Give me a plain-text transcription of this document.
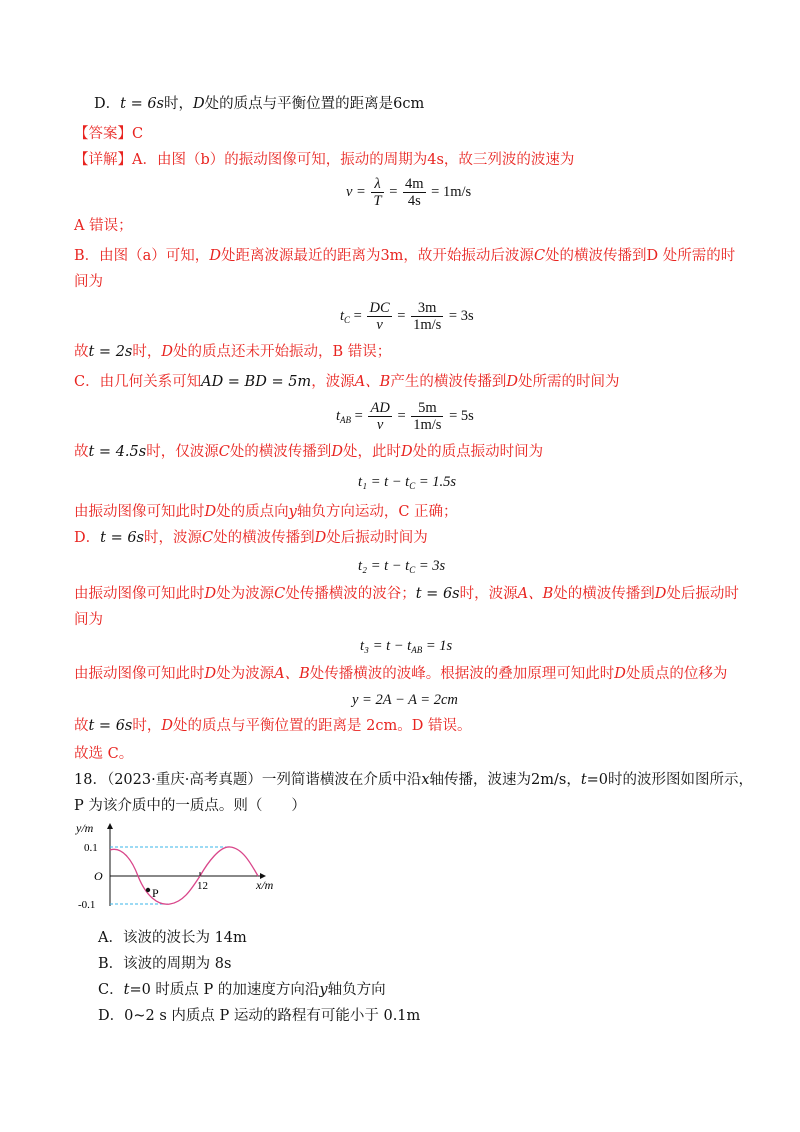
D．t = 6s时，D处的质点与平衡位置的距离是6cm
【答案】C
【详解】A．由图（b）的振动图像可知，振动的周期为4s，故三列波的波速为
$v = \frac{\lambda}{T} = \frac{4m}{4s} = 1m/s$
A 错误；
B．由图（a）可知，D处距离波源最近的距离为3m，故开始振动后波源C处的横波传播到D 处所需的时
间为
$t_C = \frac{DC}{v} = \frac{3m}{1m/s} = 3s$
故t = 2s时，D处的质点还未开始振动，B 错误；
C．由几何关系可知AD = BD = 5m，波源A、B产生的横波传播到D处所需的时间为
$t_{AB} = \frac{AD}{v} = \frac{5m}{1m/s} = 5s$
故t = 4.5s时，仅波源C处的横波传播到D处，此时D处的质点振动时间为
$t_1 = t - t_C = 1.5s$
由振动图像可知此时D处的质点向y轴负方向运动，C 正确；
D．t = 6s时，波源C处的横波传播到D处后振动时间为
$t_2 = t - t_C = 3s$
由振动图像可知此时D处为波源C处传播横波的波谷；t = 6s时，波源A、B处的横波传播到D处后振动时
间为
$t_3 = t - t_{AB} = 1s$
由振动图像可知此时D处为波源A、B处传播横波的波峰。根据波的叠加原理可知此时D处质点的位移为
y = 2A − A = 2cm
故t = 6s时，D处的质点与平衡位置的距离是 2cm。D 错误。
故选 C。
18．（2023·重庆·高考真题）一列简谐横波在介质中沿x轴传播，波速为2m/s，t=0时的波形图如图所示，
P 为该介质中的一质点。则（　　）
y/m
0.1
O
-0.1
12	x/m
P
A．该波的波长为 14m
B．该波的周期为 8s
C．t=0 时质点 P 的加速度方向沿y轴负方向
D．0~2 s 内质点 P 运动的路程有可能小于 0.1m
